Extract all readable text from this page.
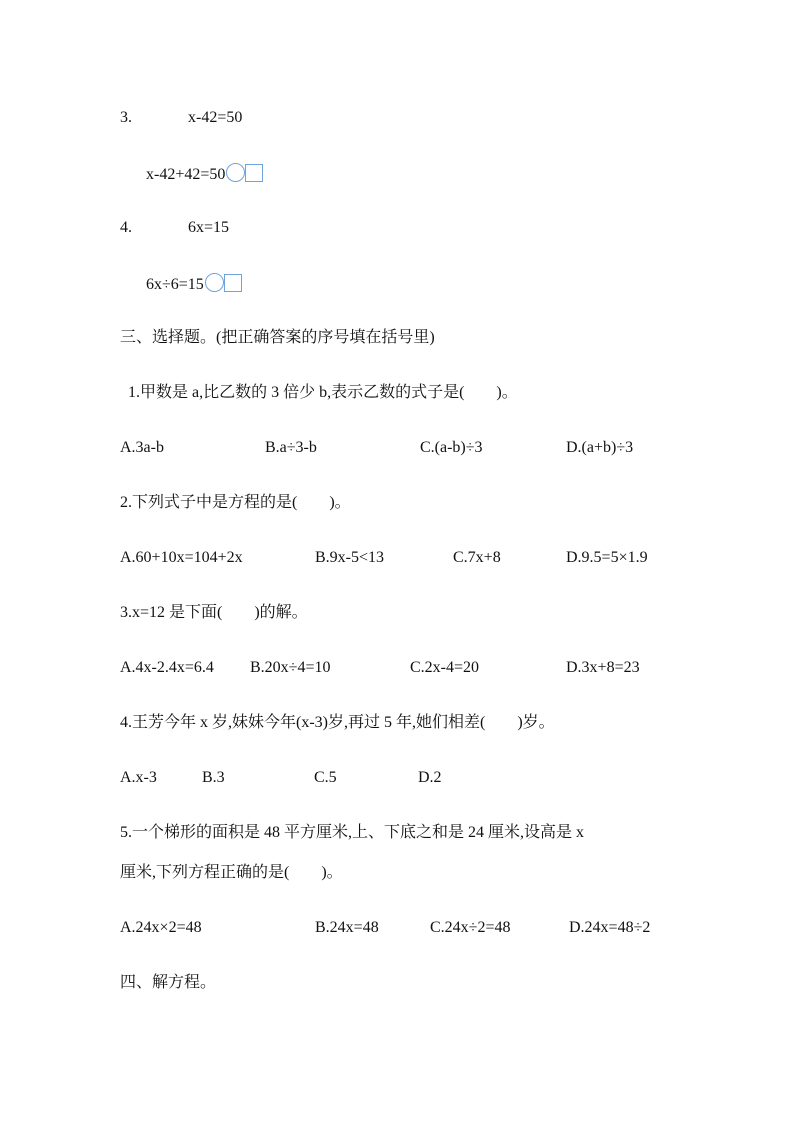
3.	x-42=50
x-42+42=50
4.	6x=15
6x÷6=15
三、选择题。(把正确答案的序号填在括号里)
1.甲数是 a,比乙数的 3 倍少 b,表示乙数的式子是(　　)。
A.3a-b	B.a÷3-b	C.(a-b)÷3	D.(a+b)÷3
2.下列式子中是方程的是(　　)。
A.60+10x=104+2x	B.9x-5<13	C.7x+8	D.9.5=5×1.9
3.x=12 是下面(　　)的解。
A.4x-2.4x=6.4 B.20x÷4=10	C.2x-4=20	D.3x+8=23
4.王芳今年 x 岁,妹妹今年(x-3)岁,再过 5 年,她们相差(　　)岁。
A.x-3	B.3	C.5	D.2
5.一个梯形的面积是 48 平方厘米,上、下底之和是 24 厘米,设高是 x
厘米,下列方程正确的是(　　)。
A.24x×2=48	B.24x=48	C.24x÷2=48	D.24x=48÷2
四、解方程。
